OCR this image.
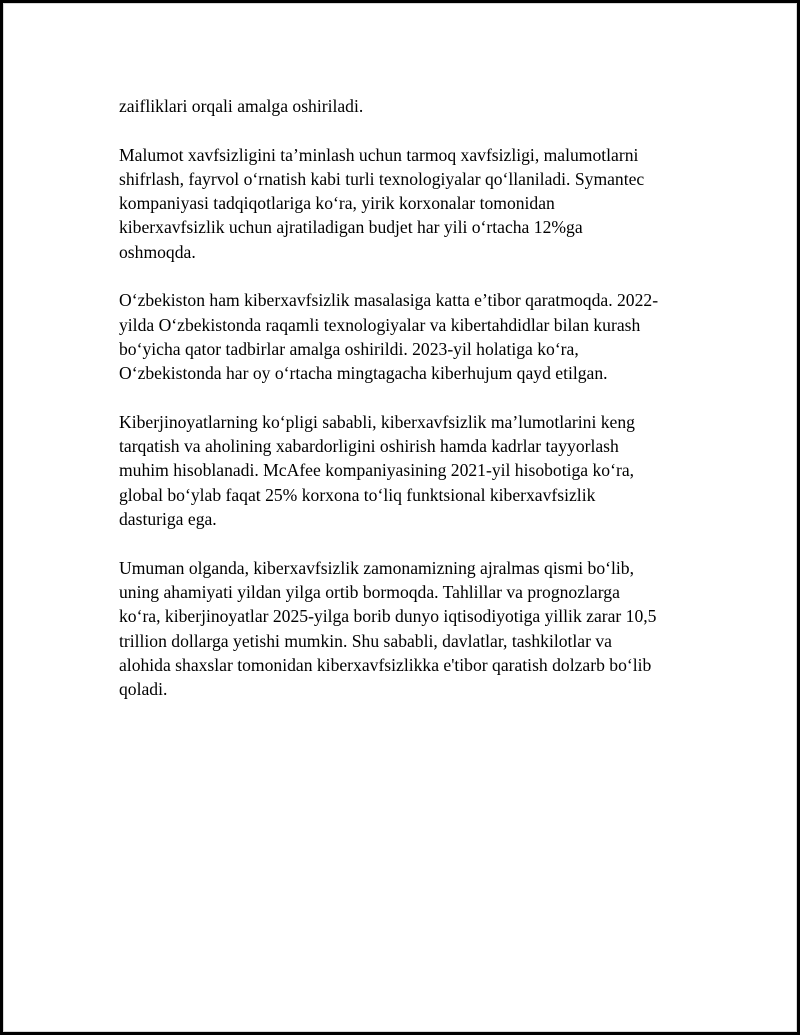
zaifliklari orqali amalga oshiriladi.

Malumot xavfsizligini ta’minlash uchun tarmoq xavfsizligi, malumotlarni
shifrlash, fayrvol o‘rnatish kabi turli texnologiyalar qo‘llaniladi. Symantec
kompaniyasi tadqiqotlariga ko‘ra, yirik korxonalar tomonidan
kiberxavfsizlik uchun ajratiladigan budjet har yili o‘rtacha 12%ga
oshmoqda.

O‘zbekiston ham kiberxavfsizlik masalasiga katta e’tibor qaratmoqda. 2022-
yilda O‘zbekistonda raqamli texnologiyalar va kibertahdidlar bilan kurash
bo‘yicha qator tadbirlar amalga oshirildi. 2023-yil holatiga ko‘ra,
O‘zbekistonda har oy o‘rtacha mingtagacha kiberhujum qayd etilgan.

Kiberjinoyatlarning ko‘pligi sababli, kiberxavfsizlik ma’lumotlarini keng
tarqatish va aholining xabardorligini oshirish hamda kadrlar tayyorlash
muhim hisoblanadi. McAfee kompaniyasining 2021-yil hisobotiga ko‘ra,
global bo‘ylab faqat 25% korxona to‘liq funktsional kiberxavfsizlik
dasturiga ega.

Umuman olganda, kiberxavfsizlik zamonamizning ajralmas qismi bo‘lib,
uning ahamiyati yildan yilga ortib bormoqda. Tahlillar va prognozlarga
ko‘ra, kiberjinoyatlar 2025-yilga borib dunyo iqtisodiyotiga yillik zarar 10,5
trillion dollarga yetishi mumkin. Shu sababli, davlatlar, tashkilotlar va
alohida shaxslar tomonidan kiberxavfsizlikka e'tibor qaratish dolzarb bo‘lib
qoladi.
